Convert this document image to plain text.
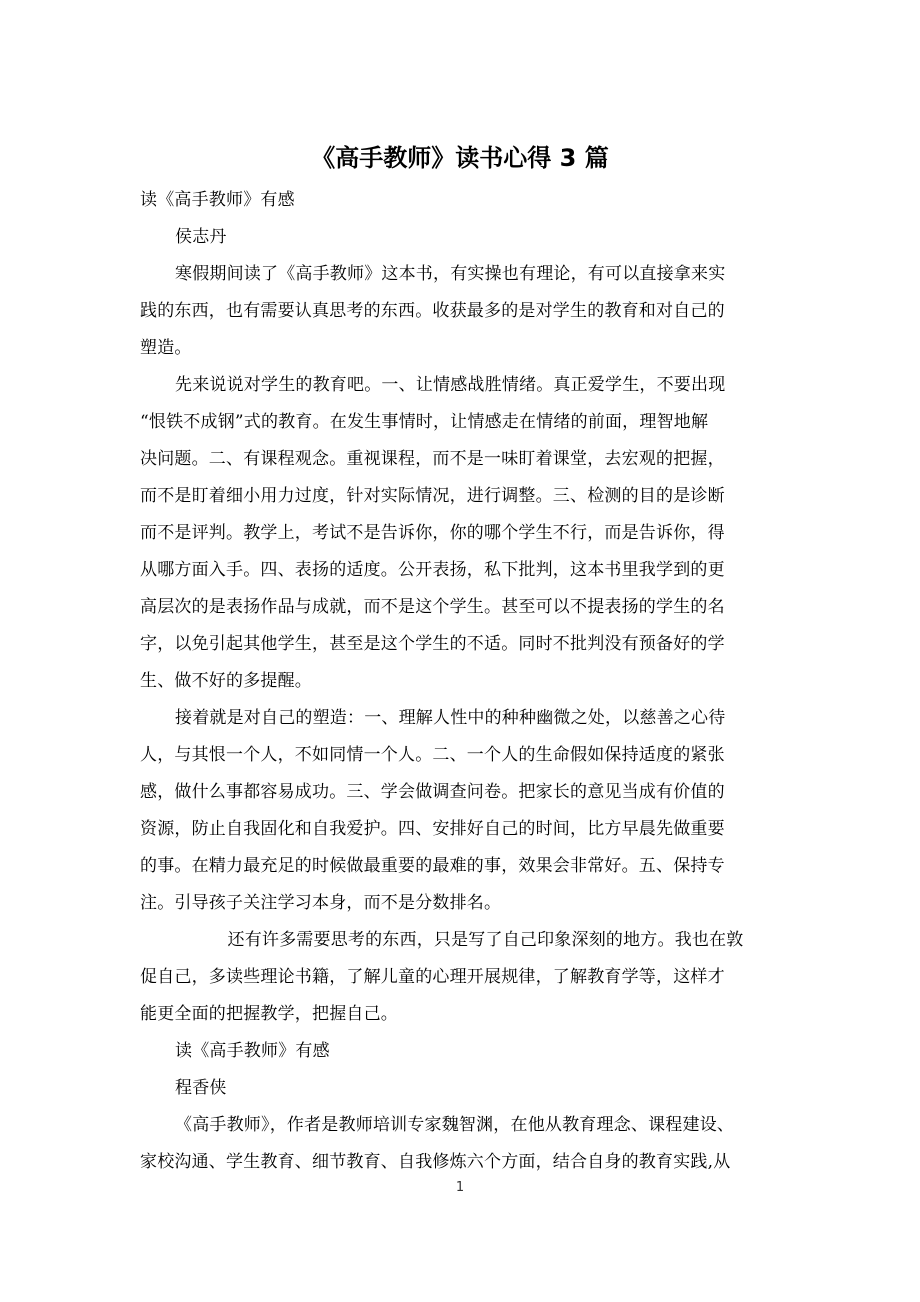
《高手教师》读书心得 3 篇
读《高手教师》有感
侯志丹
寒假期间读了《高手教师》这本书，有实操也有理论，有可以直接拿来实
践的东西，也有需要认真思考的东西。收获最多的是对学生的教育和对自己的
塑造。
先来说说对学生的教育吧。一、让情感战胜情绪。真正爱学生，不要出现
“恨铁不成钢”式的教育。在发生事情时，让情感走在情绪的前面，理智地解
决问题。二、有课程观念。重视课程，而不是一味盯着课堂，去宏观的把握，
而不是盯着细小用力过度，针对实际情况，进行调整。三、检测的目的是诊断
而不是评判。教学上，考试不是告诉你，你的哪个学生不行，而是告诉你，得
从哪方面入手。四、表扬的适度。公开表扬，私下批判，这本书里我学到的更
高层次的是表扬作品与成就，而不是这个学生。甚至可以不提表扬的学生的名
字，以免引起其他学生，甚至是这个学生的不适。同时不批判没有预备好的学
生、做不好的多提醒。
接着就是对自己的塑造：一、理解人性中的种种幽微之处，以慈善之心待
人，与其恨一个人，不如同情一个人。二、一个人的生命假如保持适度的紧张
感，做什么事都容易成功。三、学会做调查问卷。把家长的意见当成有价值的
资源，防止自我固化和自我爱护。四、安排好自己的时间，比方早晨先做重要
的事。在精力最充足的时候做最重要的最难的事，效果会非常好。五、保持专
注。引导孩子关注学习本身，而不是分数排名。
还有许多需要思考的东西，只是写了自己印象深刻的地方。我也在敦
促自己，多读些理论书籍，了解儿童的心理开展规律，了解教育学等，这样才
能更全面的把握教学，把握自己。
读《高手教师》有感
程香侠
《高手教师》，作者是教师培训专家魏智渊，在他从教育理念、课程建设、
家校沟通、学生教育、细节教育、自我修炼六个方面，结合自身的教育实践,从
1
